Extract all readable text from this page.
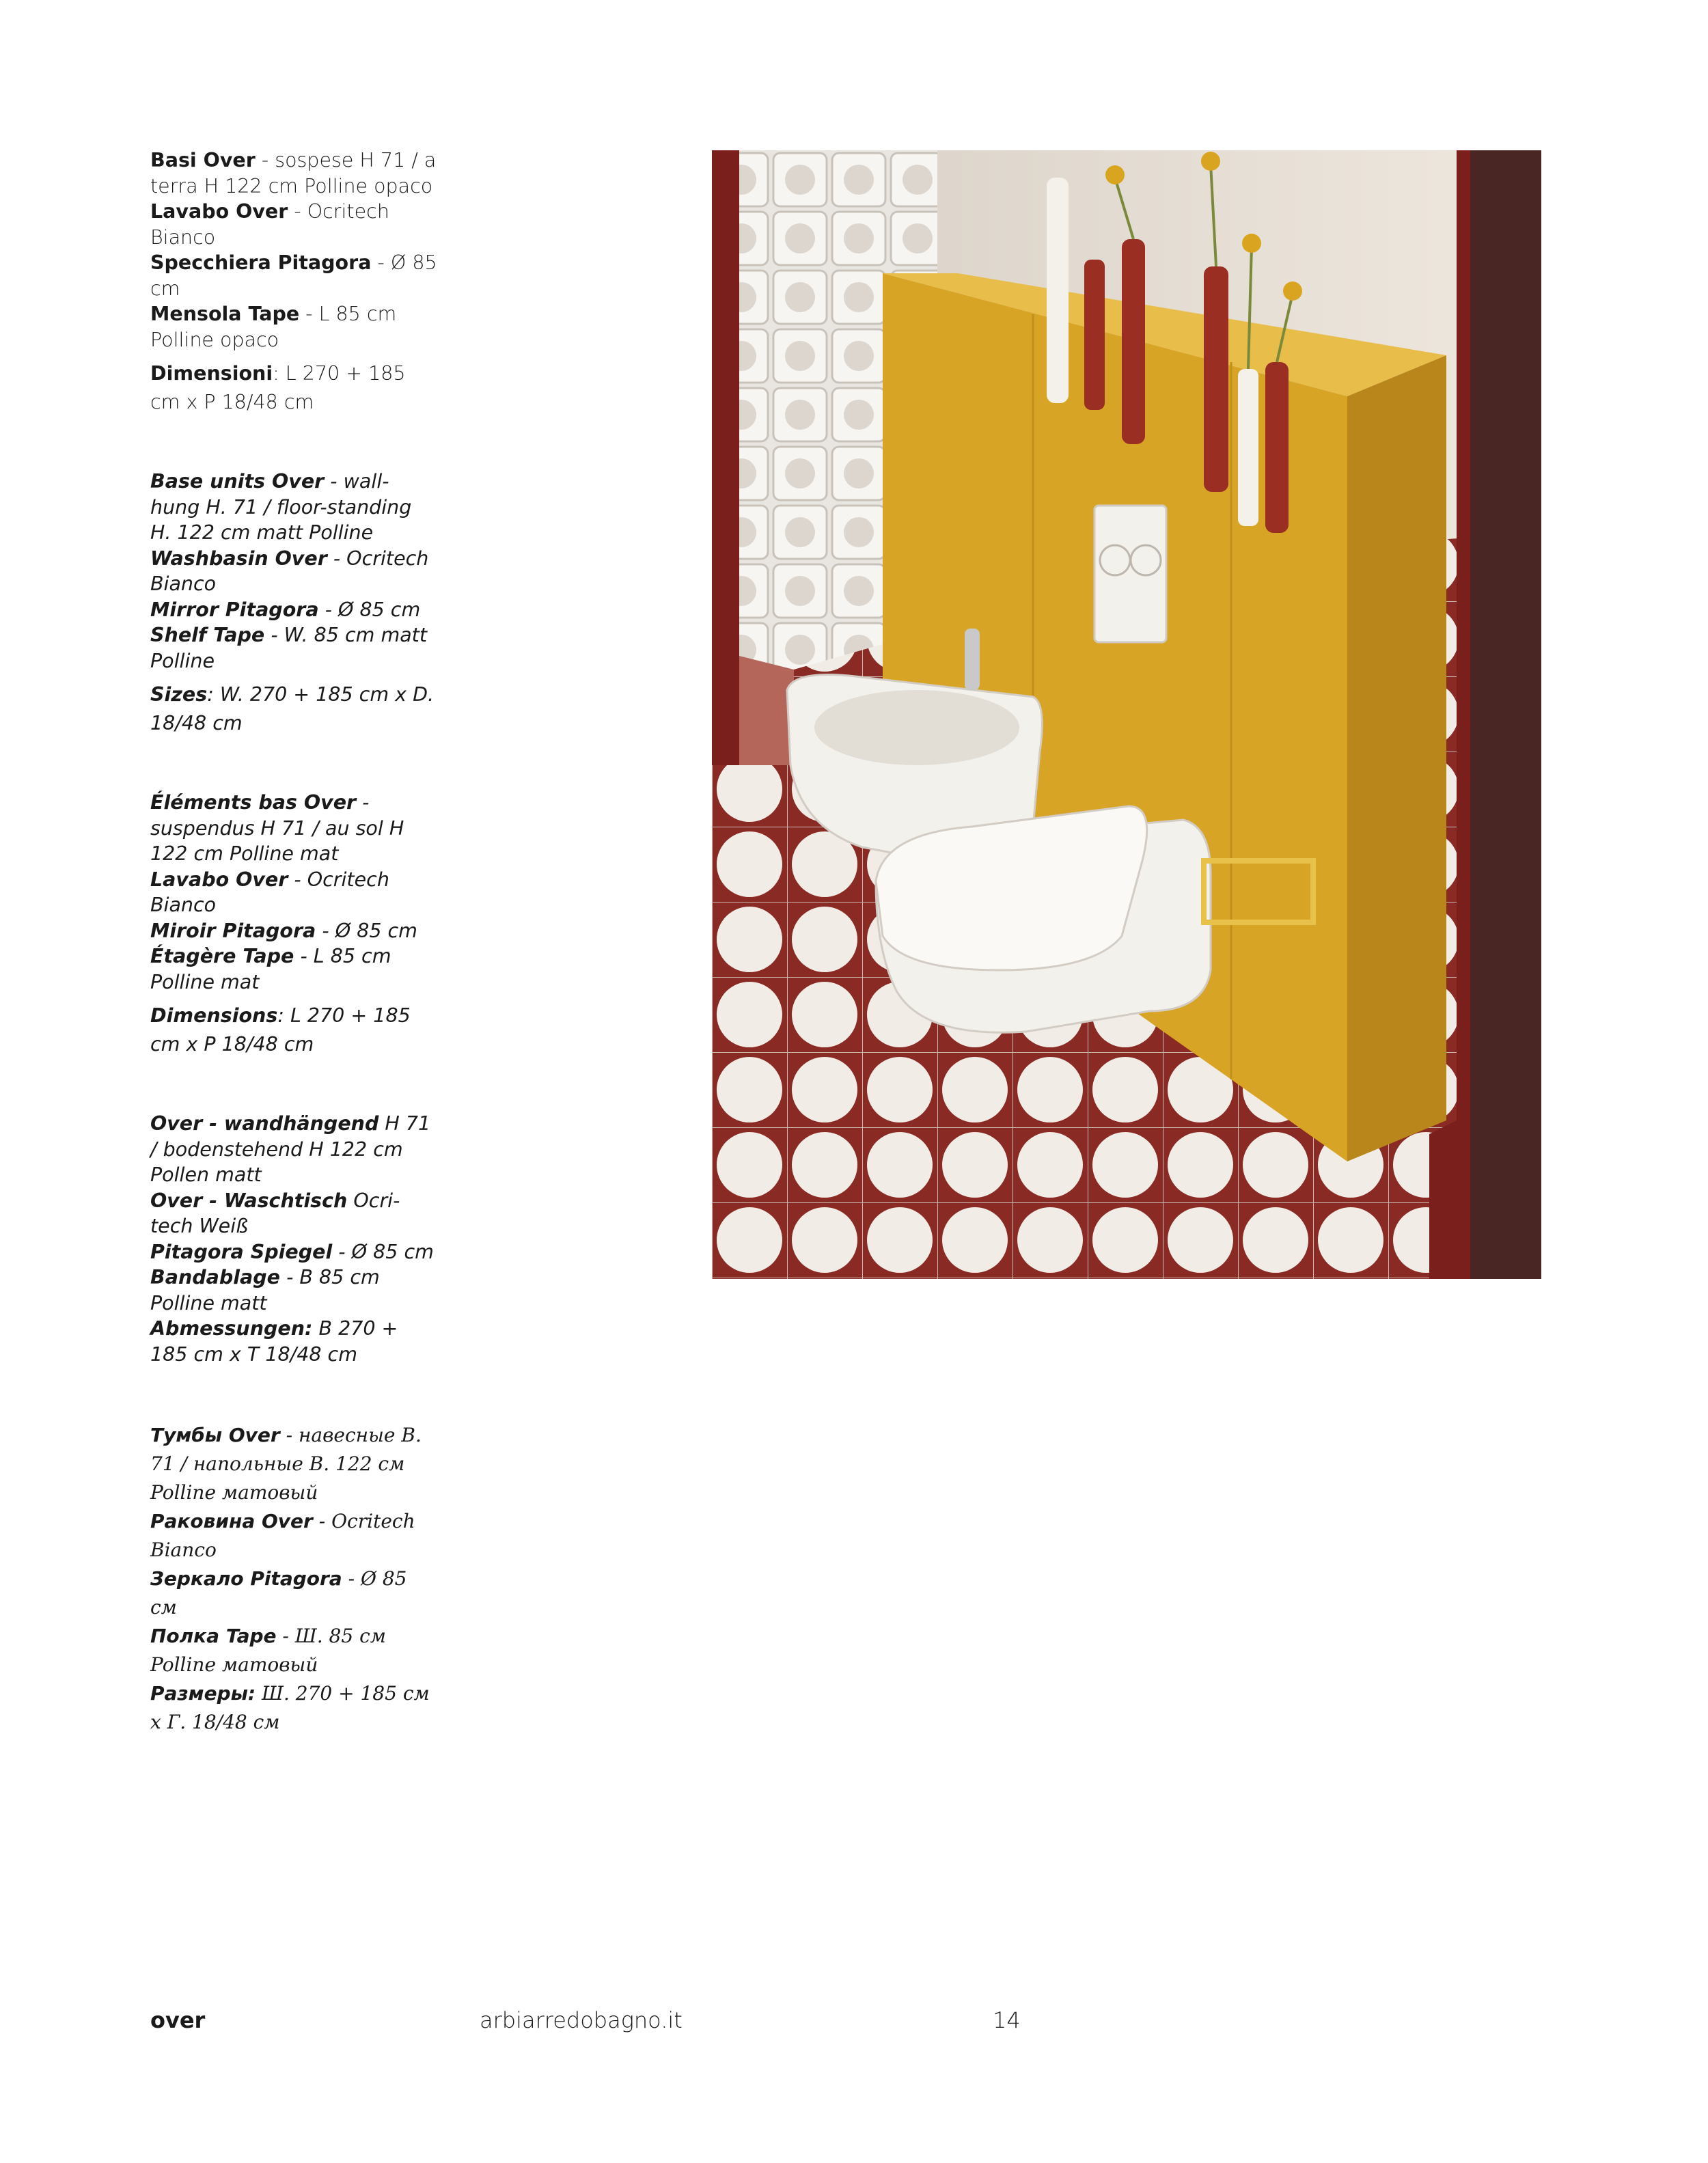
Basi Over - sospese H 71 / a terra H 122 cm Polline opaco

Lavabo Over - Ocritech Bianco

Specchiera Pitagora - Ø 85 cm

Mensola Tape - L 85 cm Polline opaco

Dimensioni: L 270 + 185 cm x P 18/48 cm

Base units Over - wall-hung H. 71 / floor-standing H. 122 cm matt Polline

Washbasin Over - Ocritech Bianco

Mirror Pitagora - Ø 85 cm

Shelf Tape - W. 85 cm matt Polline

Sizes: W. 270 + 185 cm x D. 18/48 cm

Éléments bas Over - suspendus H 71 / au sol H 122 cm Polline mat

Lavabo Over - Ocritech Bianco

Miroir Pitagora - Ø 85 cm

Étagère Tape - L 85 cm Polline mat

Dimensions: L 270 + 185 cm x P 18/48 cm

Over - wandhängend H 71 / bodenstehend H 122 cm Pollen matt

Over - Waschtisch Ocri-tech Weiß

Pitagora Spiegel - Ø 85 cm

Bandablage - B 85 cm Polline matt

Abmessungen: B 270 + 185 cm x T 18/48 cm

Тумбы Over - навесные В. 71 / напольные В. 122 см Polline матовый

Раковина Over - Ocritech Bianco

Зеркало Pitagora - Ø 85 см

Полка Tape - Ш. 85 см Polline матовый

Размеры: Ш. 270 + 185 см х Г. 18/48 см

over	arbiarredobagno.it	14
